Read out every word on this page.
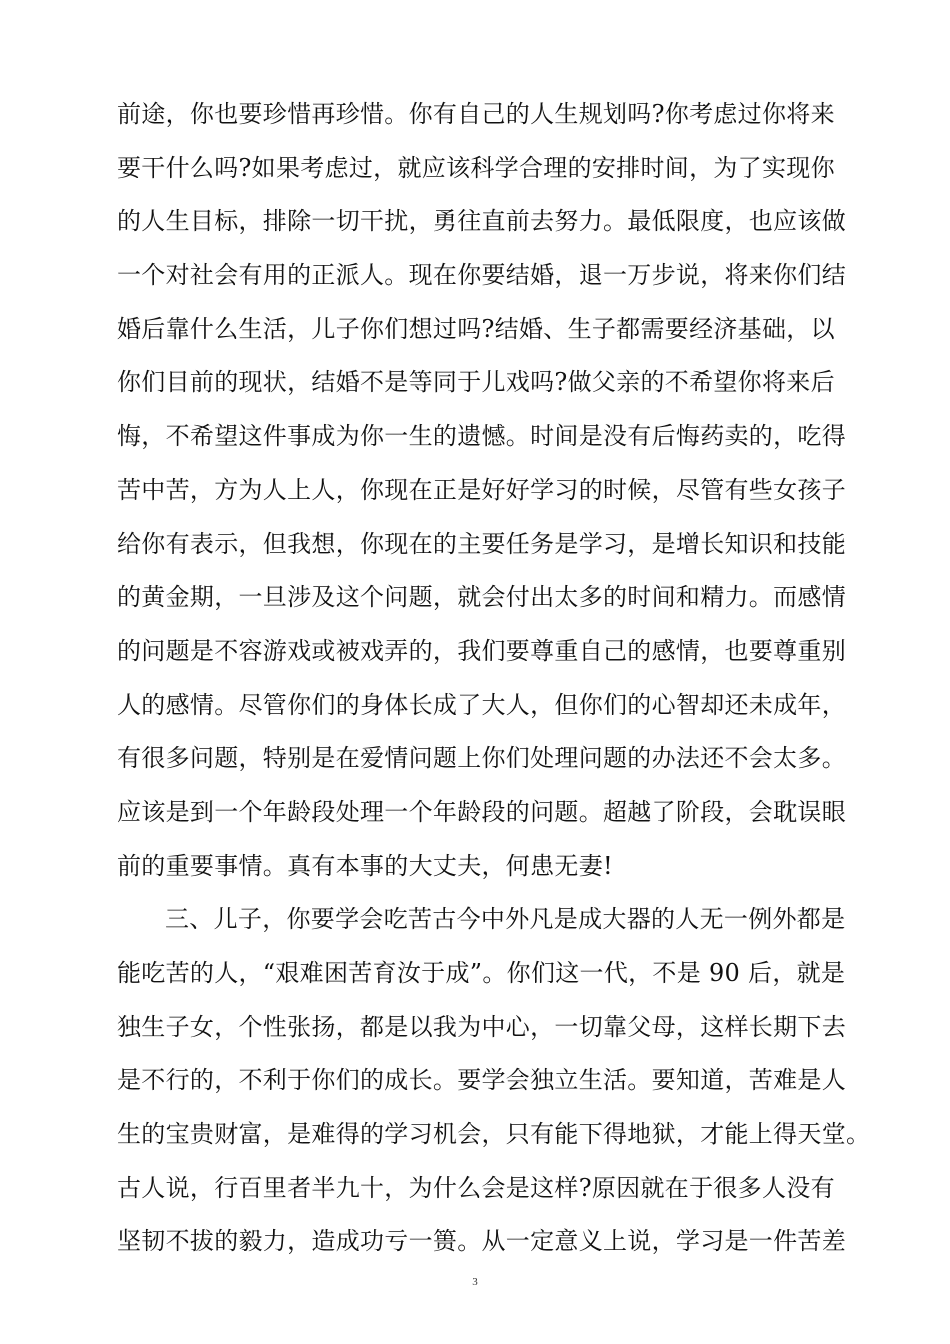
前途，你也要珍惜再珍惜。你有自己的人生规划吗?你考虑过你将来
要干什么吗?如果考虑过，就应该科学合理的安排时间，为了实现你
的人生目标，排除一切干扰，勇往直前去努力。最低限度，也应该做
一个对社会有用的正派人。现在你要结婚，退一万步说，将来你们结
婚后靠什么生活，儿子你们想过吗?结婚、生子都需要经济基础，以
你们目前的现状，结婚不是等同于儿戏吗?做父亲的不希望你将来后
悔，不希望这件事成为你一生的遗憾。时间是没有后悔药卖的，吃得
苦中苦，方为人上人，你现在正是好好学习的时候，尽管有些女孩子
给你有表示，但我想，你现在的主要任务是学习，是增长知识和技能
的黄金期，一旦涉及这个问题，就会付出太多的时间和精力。而感情
的问题是不容游戏或被戏弄的，我们要尊重自己的感情，也要尊重别
人的感情。尽管你们的身体长成了大人，但你们的心智却还未成年，
有很多问题，特别是在爱情问题上你们处理问题的办法还不会太多。
应该是到一个年龄段处理一个年龄段的问题。超越了阶段，会耽误眼
前的重要事情。真有本事的大丈夫，何患无妻!
三、儿子，你要学会吃苦古今中外凡是成大器的人无一例外都是
能吃苦的人，“艰难困苦育汝于成”。你们这一代，不是 90 后，就是
独生子女，个性张扬，都是以我为中心，一切靠父母，这样长期下去
是不行的，不利于你们的成长。要学会独立生活。要知道，苦难是人
生的宝贵财富，是难得的学习机会，只有能下得地狱，才能上得天堂。
古人说，行百里者半九十，为什么会是这样?原因就在于很多人没有
坚韧不拔的毅力，造成功亏一篑。从一定意义上说，学习是一件苦差
3
